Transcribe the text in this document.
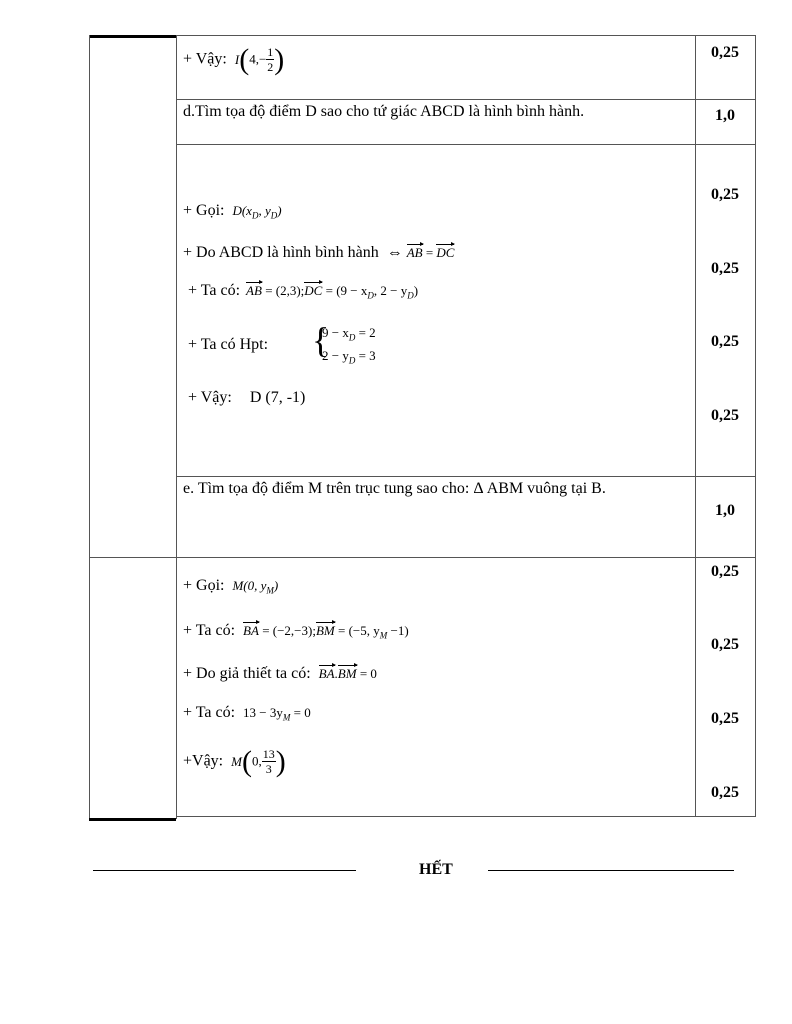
+ Vậy: $I(4,- \frac{1}{2}$ )	0,25
d.Tìm tọa độ điểm D sao cho tứ giác ABCD là hình bình hành.	1,0
+ Gọi: $D(x_D$, $y_D$)
+ Do ABCD là hình bình hành ⇔ AB = DC
+ Ta có: AB = (2,3);DC = ($9 - x_D$, $2 - y_D$)
+ Ta có Hpt: {
$9 - x_D = 2$
$2 - y_D = 3$
+ Vậy: D (7, -1)
0,25
0,25
0,25
0,25
e. Tìm tọa độ điểm M trên trục tung sao cho: Δ ABM vuông tại B.
1,0
+ Gọi: M(0, $y_M$)
+ Ta có: BA = (−2,−3);BM = (−5, $y_M -1$)
+ Do giả thiết ta có: BA.BM = 0
+ Ta có: $13 - 3y_M = 0$
+Vậy: M(0, $\frac{13}{3}$ )
0,25
0,25
0,25
0,25
HẾT
